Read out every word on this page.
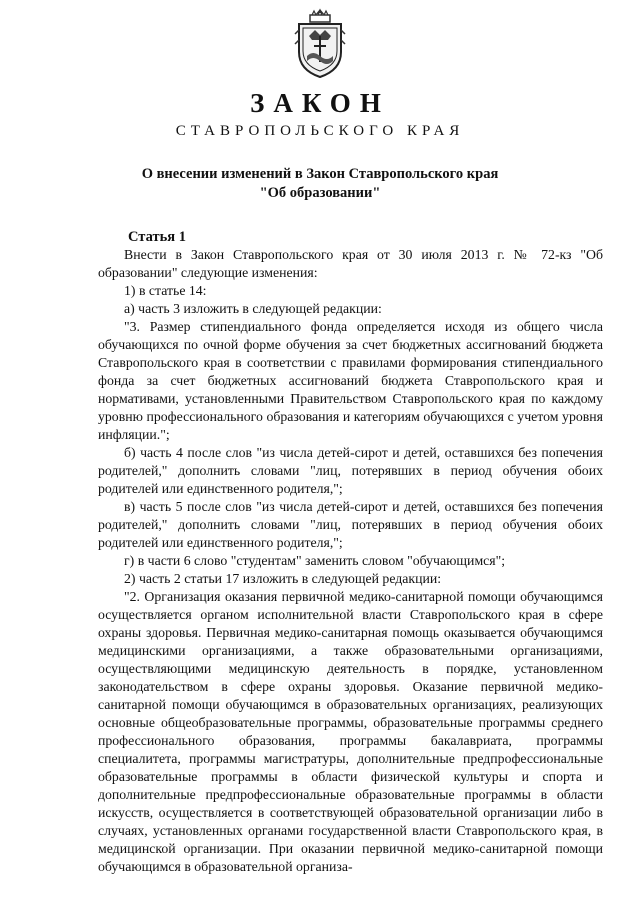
ЗАКОН
СТАВРОПОЛЬСКОГО КРАЯ
О внесении изменений в Закон Ставропольского края
"Об образовании"
Статья 1

Внести в Закон Ставропольского края от 30 июля 2013 г. № 72-кз "Об образовании" следующие изменения:

1) в статье 14:

а) часть 3 изложить в следующей редакции:

"3. Размер стипендиального фонда определяется исходя из общего числа обучающихся по очной форме обучения за счет бюджетных ассигнований бюджета Ставропольского края в соответствии с правилами формирования стипендиального фонда за счет бюджетных ассигнований бюджета Ставропольского края и нормативами, установленными Правительством Ставропольского края по каждому уровню профессионального образования и категориям обучающихся с учетом уровня инфляции.";

б) часть 4 после слов "из числа детей-сирот и детей, оставшихся без попечения родителей," дополнить словами "лиц, потерявших в период обучения обоих родителей или единственного родителя,";

в) часть 5 после слов "из числа детей-сирот и детей, оставшихся без попечения родителей," дополнить словами "лиц, потерявших в период обучения обоих родителей или единственного родителя,";

г) в части 6 слово "студентам" заменить словом "обучающимся";

2) часть 2 статьи 17 изложить в следующей редакции:

"2. Организация оказания первичной медико-санитарной помощи обучающимся осуществляется органом исполнительной власти Ставропольского края в сфере охраны здоровья. Первичная медико-санитарная помощь оказывается обучающимся медицинскими организациями, а также образовательными организациями, осуществляющими медицинскую деятельность в порядке, установленном законодательством в сфере охраны здоровья. Оказание первичной медико-санитарной помощи обучающимся в образовательных организациях, реализующих основные общеобразовательные программы, образовательные программы среднего профессионального образования, программы бакалавриата, программы специалитета, программы магистратуры, дополнительные предпрофессиональные образовательные программы в области физической культуры и спорта и дополнительные предпрофессиональные образовательные программы в области искусств, осуществляется в соответствующей образовательной организации либо в случаях, установленных органами государственной власти Ставропольского края, в медицинской организации. При оказании первичной медико-санитарной помощи обучающимся в образовательной организа-
